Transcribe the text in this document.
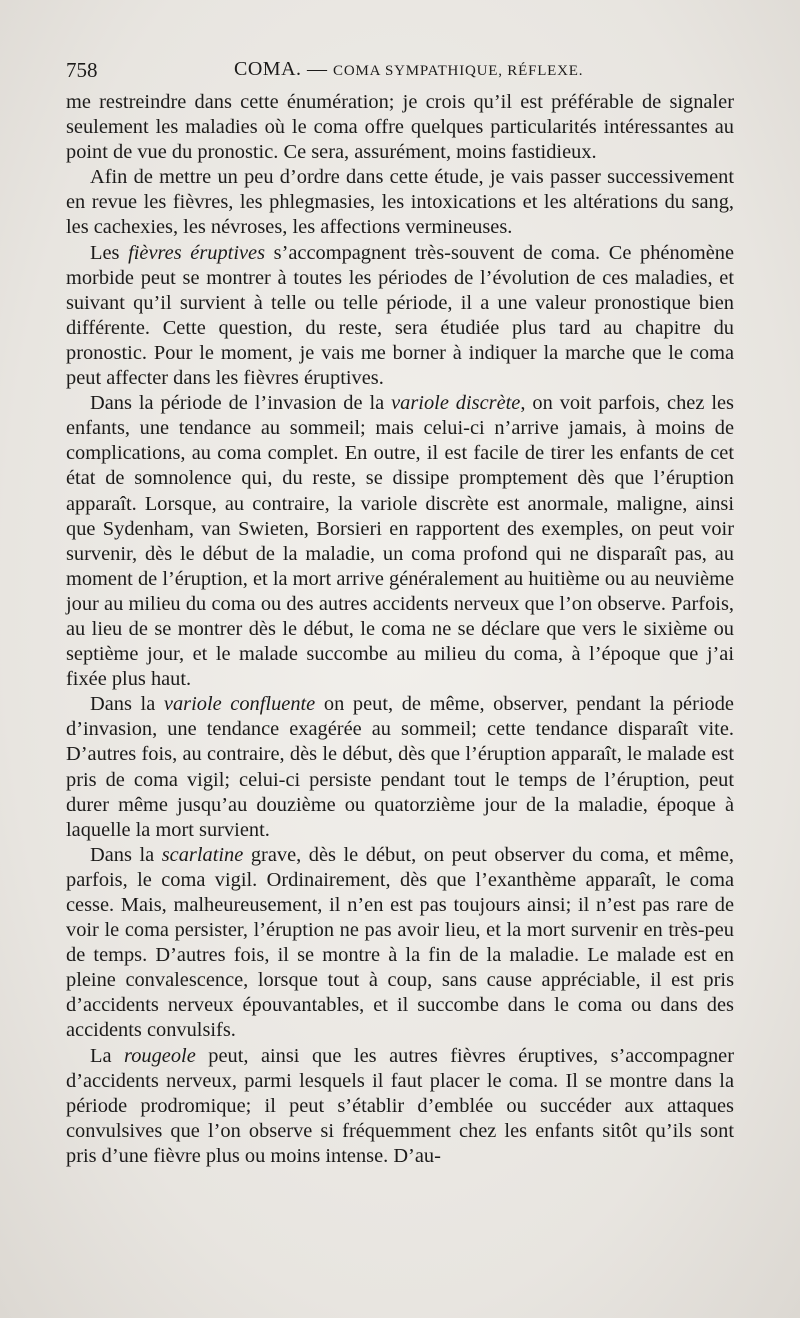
758	COMA. — COMA SYMPATHIQUE, RÉFLEXE.

me restreindre dans cette énumération; je crois qu’il est préférable de signaler seulement les maladies où le coma offre quelques particularités intéressantes au point de vue du pronostic. Ce sera, assurément, moins fastidieux.

Afin de mettre un peu d’ordre dans cette étude, je vais passer successivement en revue les fièvres, les phlegmasies, les intoxications et les altérations du sang, les cachexies, les névroses, les affections vermineuses.

Les fièvres éruptives s’accompagnent très-souvent de coma. Ce phénomène morbide peut se montrer à toutes les périodes de l’évolution de ces maladies, et suivant qu’il survient à telle ou telle période, il a une valeur pronostique bien différente. Cette question, du reste, sera étudiée plus tard au chapitre du pronostic. Pour le moment, je vais me borner à indiquer la marche que le coma peut affecter dans les fièvres éruptives.

Dans la période de l’invasion de la variole discrète, on voit parfois, chez les enfants, une tendance au sommeil; mais celui-ci n’arrive jamais, à moins de complications, au coma complet. En outre, il est facile de tirer les enfants de cet état de somnolence qui, du reste, se dissipe promptement dès que l’éruption apparaît. Lorsque, au contraire, la variole discrète est anormale, maligne, ainsi que Sydenham, van Swieten, Borsieri en rapportent des exemples, on peut voir survenir, dès le début de la maladie, un coma profond qui ne disparaît pas, au moment de l’éruption, et la mort arrive généralement au huitième ou au neuvième jour au milieu du coma ou des autres accidents nerveux que l’on observe. Parfois, au lieu de se montrer dès le début, le coma ne se déclare que vers le sixième ou septième jour, et le malade succombe au milieu du coma, à l’époque que j’ai fixée plus haut.

Dans la variole confluente on peut, de même, observer, pendant la période d’invasion, une tendance exagérée au sommeil; cette tendance disparaît vite. D’autres fois, au contraire, dès le début, dès que l’éruption apparaît, le malade est pris de coma vigil; celui-ci persiste pendant tout le temps de l’éruption, peut durer même jusqu’au douzième ou quatorzième jour de la maladie, époque à laquelle la mort survient.

Dans la scarlatine grave, dès le début, on peut observer du coma, et même, parfois, le coma vigil. Ordinairement, dès que l’exanthème apparaît, le coma cesse. Mais, malheureusement, il n’en est pas toujours ainsi; il n’est pas rare de voir le coma persister, l’éruption ne pas avoir lieu, et la mort survenir en très-peu de temps. D’autres fois, il se montre à la fin de la maladie. Le malade est en pleine convalescence, lorsque tout à coup, sans cause appréciable, il est pris d’accidents nerveux épouvantables, et il succombe dans le coma ou dans des accidents convulsifs.

La rougeole peut, ainsi que les autres fièvres éruptives, s’accompagner d’accidents nerveux, parmi lesquels il faut placer le coma. Il se montre dans la période prodromique; il peut s’établir d’emblée ou succéder aux attaques convulsives que l’on observe si fréquemment chez les enfants sitôt qu’ils sont pris d’une fièvre plus ou moins intense. D’au-
